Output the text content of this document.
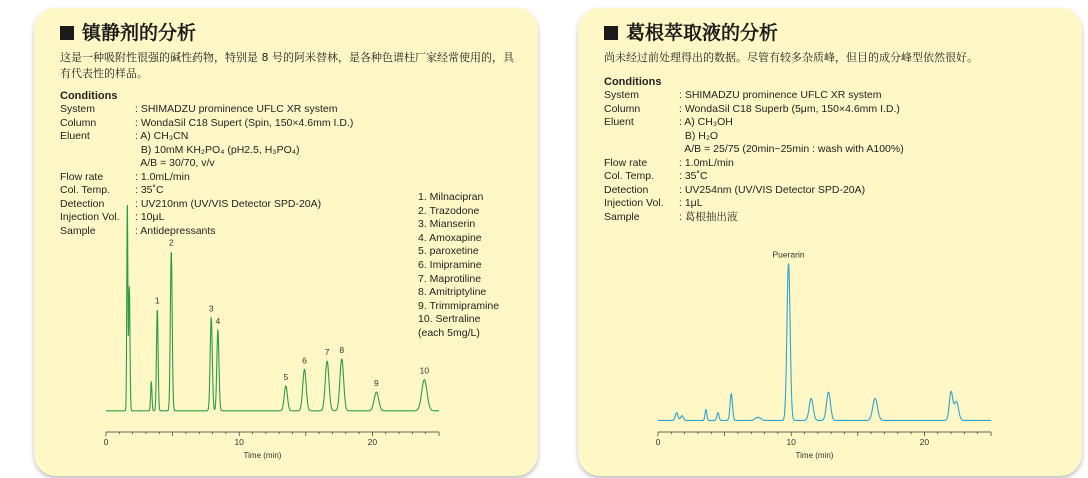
镇静剂的分析
这是一种吸附性很强的碱性药物，特别是 8 号的阿米替林，是各种色谱柱厂家经常使用的，具有代表性的样品。
Conditions
System	: SHIMADZU prominence UFLC XR system
Column	: WondaSil C18 Supert (Spin, 150×4.6mm I.D.)
Eluent	: A) CH₃CN
B) 10mM KH₂PO₄ (pH2.5, H₃PO₄)
A/B = 30/70, v/v
Flow rate	: 1.0mL/min
Col. Temp.	: 35˚C
Detection	: UV210nm (UV/VIS Detector SPD-20A)
Injection Vol.	: 10μL
Sample	: Antidepressants
1. Milnacipran
2. Trazodone
3. Mianserin
4. Amoxapine
5. paroxetine
6. Imipramine
7. Maprotiline
8. Amitriptyline
9. Trimmipramine
10. Sertraline
(each 5mg/L)
0	10	20
Time (min)
1
2
3
4
5
6
7 8
9
10
葛根萃取液的分析
尚未经过前处理得出的数据。尽管有较多杂质峰，但目的成分峰型依然很好。
Conditions
System	: SHIMADZU prominence UFLC XR system
Column	: WondaSil C18 Superb (5μm, 150×4.6mm I.D.)
Eluent	: A) CH₃OH
B) H₂O
A/B = 25/75 (20min~25min : wash with A100%)
Flow rate	: 1.0mL/min
Col. Temp.	: 35˚C
Detection	: UV254nm (UV/VIS Detector SPD-20A)
Injection Vol.	: 1μL
Sample	: 葛根抽出液
0	10	20
Time (min)
Puerarin
